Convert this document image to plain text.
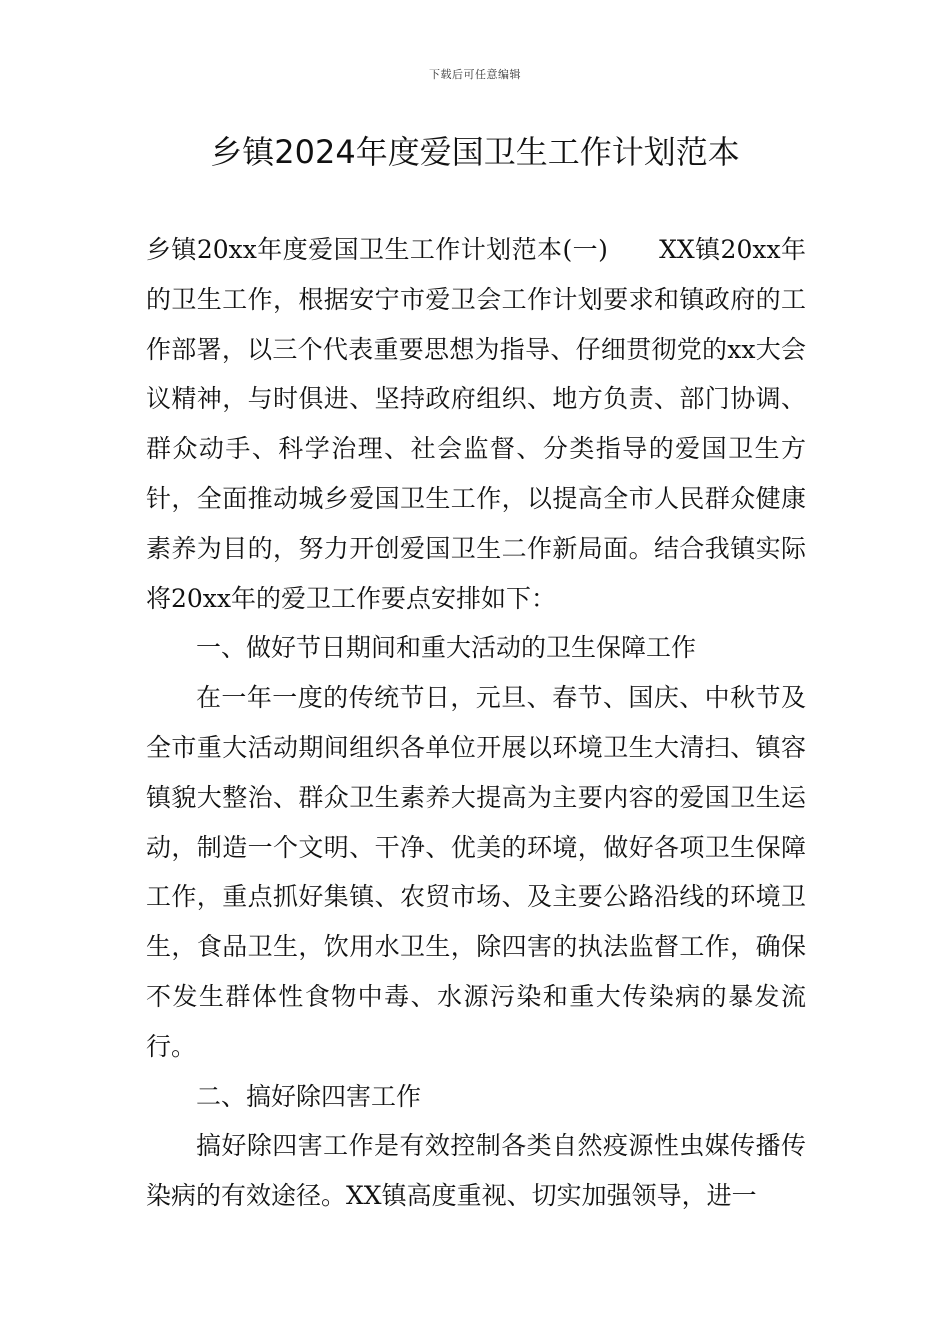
下载后可任意编辑
乡镇2024年度爱国卫生工作计划范本

乡镇20xx年度爱国卫生工作计划范本(一)　　XX镇20xx年的卫生工作，根据安宁市爱卫会工作计划要求和镇政府的工作部署，以三个代表重要思想为指导、仔细贯彻党的xx大会议精神，与时俱进、坚持政府组织、地方负责、部门协调、群众动手、科学治理、社会监督、分类指导的爱国卫生方针，全面推动城乡爱国卫生工作，以提高全市人民群众健康素养为目的，努力开创爱国卫生二作新局面。结合我镇实际将20xx年的爱卫工作要点安排如下：

一、做好节日期间和重大活动的卫生保障工作

在一年一度的传统节日，元旦、春节、国庆、中秋节及全市重大活动期间组织各单位开展以环境卫生大清扫、镇容镇貌大整治、群众卫生素养大提高为主要内容的爱国卫生运动，制造一个文明、干净、优美的环境，做好各项卫生保障工作，重点抓好集镇、农贸市场、及主要公路沿线的环境卫生，食品卫生，饮用水卫生，除四害的执法监督工作，确保不发生群体性食物中毒、水源污染和重大传染病的暴发流行。

二、搞好除四害工作

搞好除四害工作是有效控制各类自然疫源性虫媒传播传染病的有效途径。XX镇高度重视、切实加强领导，进一
